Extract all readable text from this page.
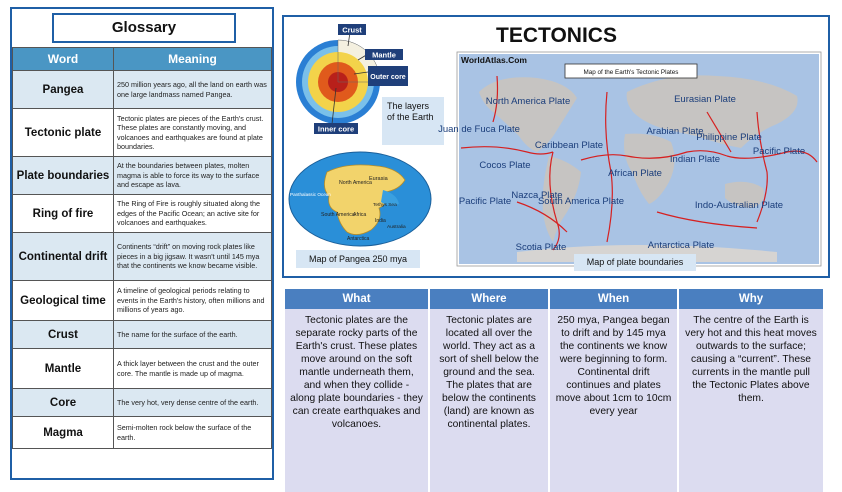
Glossary
Word	Meaning
Pangea	250 million years ago, all the land on earth was one large landmass named Pangea.
Tectonic plate	Tectonic plates are pieces of the Earth's crust. These plates are constantly moving, and volcanoes and earthquakes are found at plate boundaries.
Plate boundaries	At the boundaries between plates, molten magma is able to force its way to the surface and escape as lava.
Ring of fire	The Ring of Fire is roughly situated along the edges of the Pacific Ocean; an active site for volcanoes and earthquakes.
Continental drift	Continents “drift” on moving rock plates like pieces in a big jigsaw. It wasn't until 145 mya that the continents we know became visible.
Geological time	A timeline of geological periods relating to events in the Earth's history, often millions and millions of years ago.
Crust	The name for the surface of the earth.
Mantle	A thick layer between the crust and the outer core. The mantle is made up of magma.
Core	The very hot, very dense centre of the earth.
Magma	Semi-molten rock below the surface of the earth.
TECTONICS
Crust
Mantle
Outer core
Inner core
The layers of the Earth
North America
Eurasia
Panthalassic Ocean
Tethys Sea
South America
Africa
India
Australia
Antarctica
Map of Pangea 250 mya
WorldAtlas.Com
Map of the Earth's Tectonic Plates
North America Plate	Eurasian Plate
Juan de Fuca Plate
Caribbean Plate
Arabian Plate
Philippine Plate
Cocos Plate
African Plate
Indian Plate
Pacific Plate
Pacific Plate
Nazca Plate
South America Plate	Indo-Australian Plate
Scotia Plate	Antarctica Plate
Map of plate boundaries
What	Where	When	Why
Tectonic plates are the separate rocky parts of the Earth's crust. These plates move around on the soft mantle underneath them, and when they collide - along plate boundaries - they can create earthquakes and volcanoes.	Tectonic plates are located all over the world. They act as a sort of shell below the ground and the sea. The plates that are below the continents (land) are known as continental plates.	250 mya, Pangea began to drift and by 145 mya the continents we know were beginning to form. Continental drift continues and plates move about 1cm to 10cm every year	The centre of the Earth is very hot and this heat moves outwards to the surface; causing a “current”. These currents in the mantle pull the Tectonic Plates above them.
